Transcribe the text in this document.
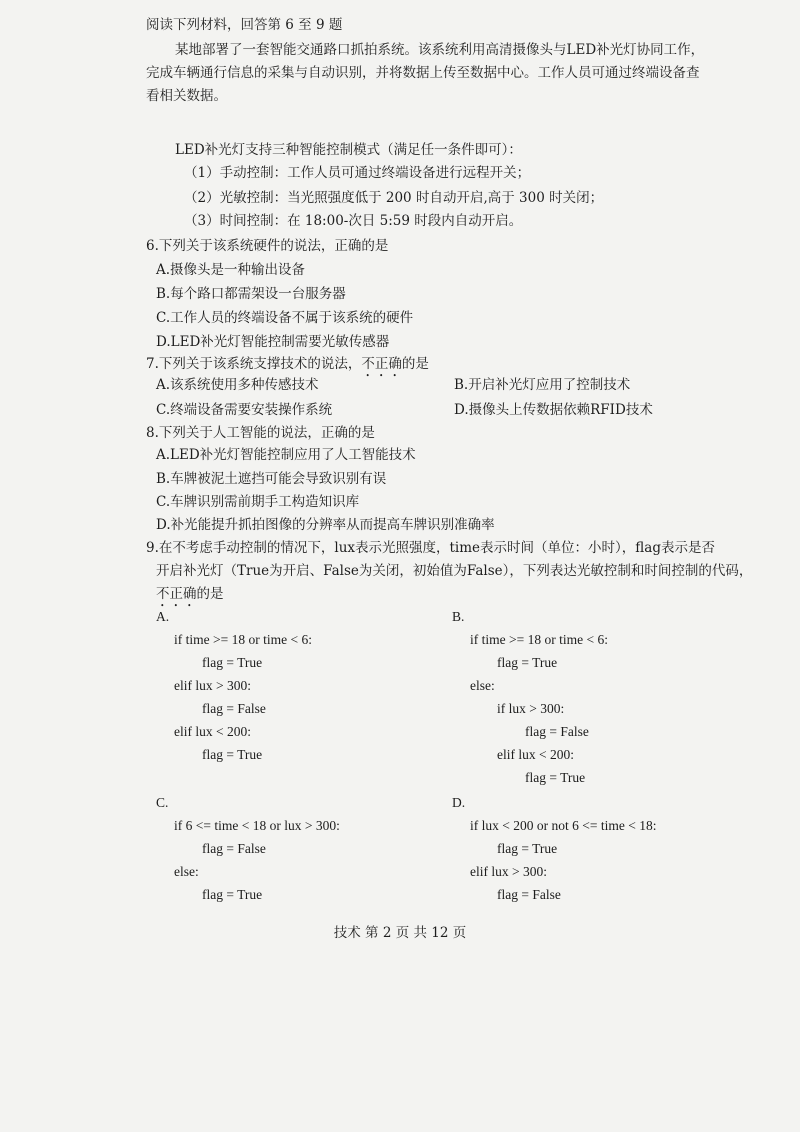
阅读下列材料，回答第 6 至 9 题
某地部署了一套智能交通路口抓拍系统。该系统利用高清摄像头与LED补光灯协同工作，
完成车辆通行信息的采集与自动识别，并将数据上传至数据中心。工作人员可通过终端设备查
看相关数据。
LED补光灯支持三种智能控制模式（满足任一条件即可）：
（1）手动控制：工作人员可通过终端设备进行远程开关；
（2）光敏控制：当光照强度低于 200 时自动开启,高于 300 时关闭；
（3）时间控制：在 18:00-次日 5:59 时段内自动开启。
6.下列关于该系统硬件的说法，正确的是
A.摄像头是一种输出设备
B.每个路口都需架设一台服务器
C.工作人员的终端设备不属于该系统的硬件
D.LED补光灯智能控制需要光敏传感器
7.下列关于该系统支撑技术的说法，不正确的是
A.该系统使用多种传感技术	B.开启补光灯应用了控制技术
C.终端设备需要安装操作系统	D.摄像头上传数据依赖RFID技术
8.下列关于人工智能的说法，正确的是
A.LED补光灯智能控制应用了人工智能技术
B.车牌被泥土遮挡可能会导致识别有误
C.车牌识别需前期手工构造知识库
D.补光能提升抓拍图像的分辨率从而提高车牌识别准确率
9.在不考虑手动控制的情况下，lux表示光照强度，time表示时间（单位：小时），flag表示是否
开启补光灯（True为开启、False为关闭，初始值为False），下列表达光敏控制和时间控制的代码，
不正确的是
A.
if time >= 18 or time < 6:
flag = True
elif lux > 300:
flag = False
elif lux < 200:
flag = True
B.
if time >= 18 or time < 6:
flag = True
else:
if lux > 300:
flag = False
elif lux < 200:
flag = True
C.
if 6 <= time < 18 or lux > 300:
flag = False
else:
flag = True
D.
if lux < 200 or not 6 <= time < 18:
flag = True
elif lux > 300:
flag = False
技术 第 2 页 共 12 页
